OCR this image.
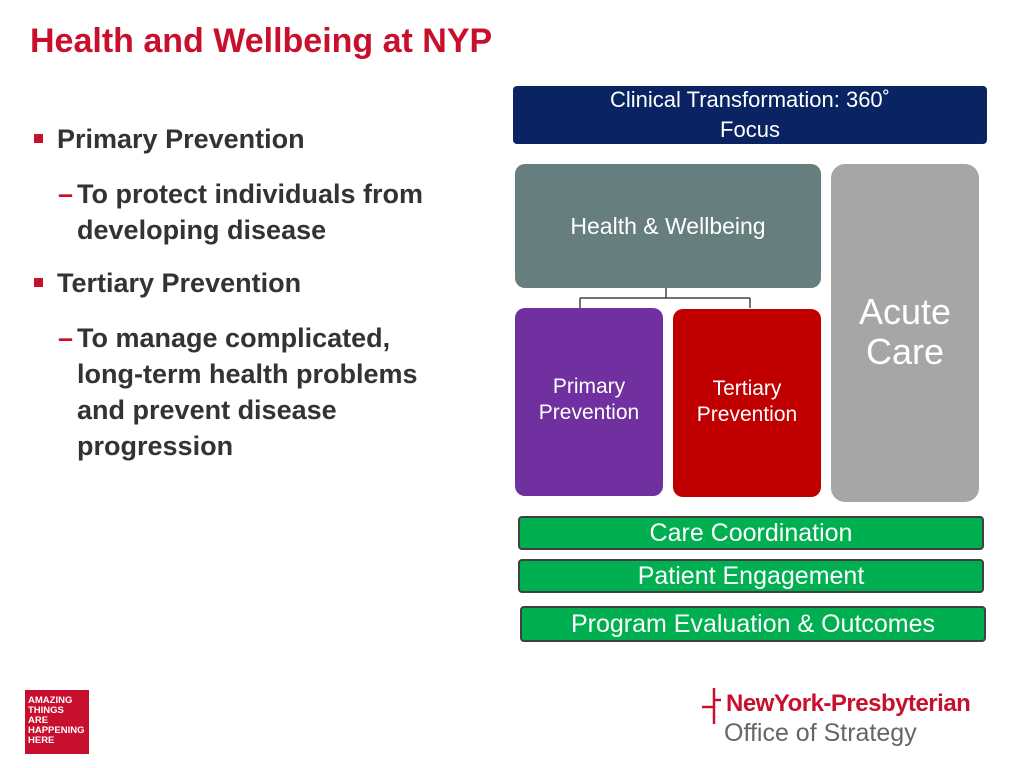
Health and Wellbeing at NYP
Primary Prevention
– To protect individuals from developing disease
Tertiary Prevention
– To manage complicated, long-term health problems and prevent disease progression
Clinical Transformation: 360˚
Focus
Health & Wellbeing
Acute
Care
Primary
Prevention
Tertiary
Prevention
Care Coordination
Patient Engagement
Program Evaluation & Outcomes
AMAZING
THINGS
ARE
HAPPENING
HERE
NewYork-Presbyterian
Office of Strategy
